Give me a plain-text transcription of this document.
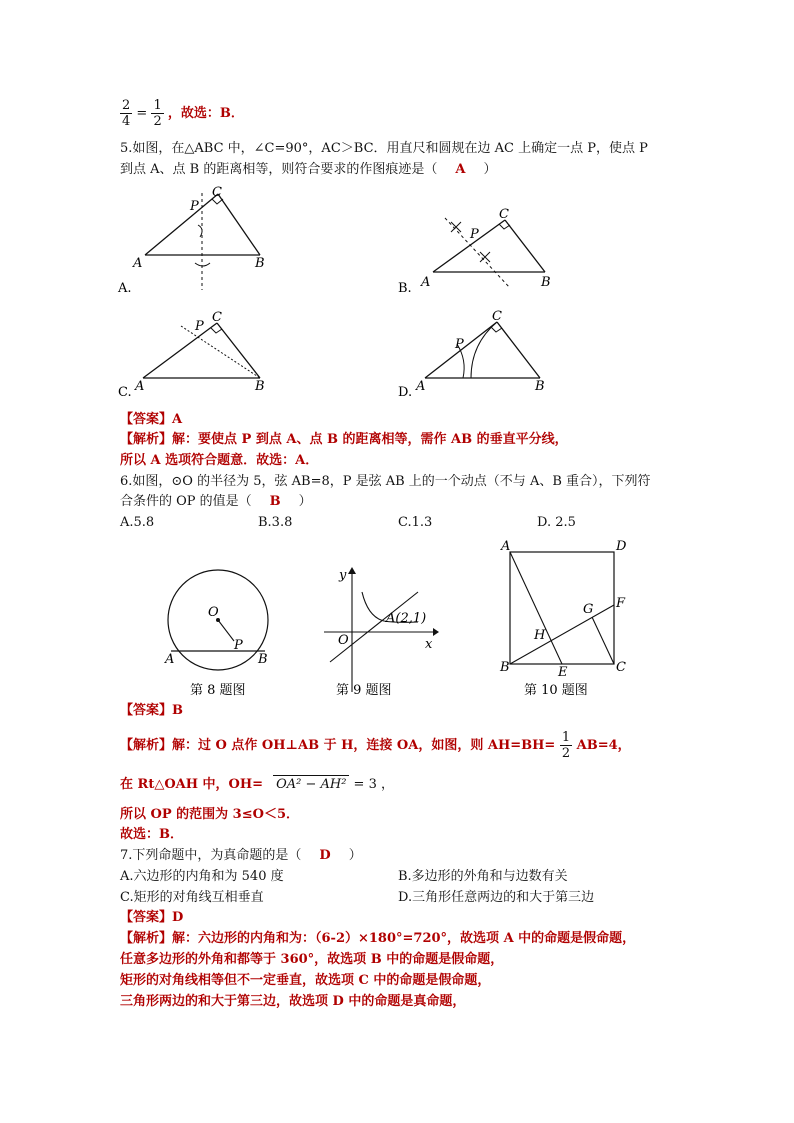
$\frac{2}{4} = \frac{1}{2}$ ，故选：B．
5.如图，在△ABC 中，∠C=90°，AC＞BC．用直尺和圆规在边 AC 上确定一点 P，使点 P
到点 A、点 B 的距离相等，则符合要求的作图痕迹是（ A ）
C
P
A	B
A.
C
P
A	B
B.
C
P
A	B
C.
C
P
A	B
D.
【答案】A
【解析】解：要使点 P 到点 A、点 B 的距离相等，需作 AB 的垂直平分线，
所以 A 选项符合题意．故选：A．
6.如图，⊙O 的半径为 5，弦 AB=8，P 是弦 AB 上的一个动点（不与 A、B 重合），下列符
合条件的 OP 的值是（ B ）
A.5.8	B.3.8	C.1.3	D. 2.5
O
P
A	B
第 8 题图
y
x
O
A(2,1)
第 9 题图
A	D
B	C
E
F
G
H
第 10 题图
【答案】B
【解析】解：过 O 点作 OH⊥AB 于 H，连接 OA，如图，则 $AH=BH= \frac{1}{2} AB=4$，
在 Rt△OAH 中，OH= OA² − AH² = 3 ，
所以 OP 的范围为 3≤O＜5．
故选：B．
7.下列命题中，为真命题的是（ D ）
A.六边形的内角和为 540 度	B.多边形的外角和与边数有关
C.矩形的对角线互相垂直	D.三角形任意两边的和大于第三边
【答案】D
【解析】解：六边形的内角和为：（6-2）×180°=720°，故选项 A 中的命题是假命题，
任意多边形的外角和都等于 360°，故选项 B 中的命题是假命题，
矩形的对角线相等但不一定垂直，故选项 C 中的命题是假命题，
三角形两边的和大于第三边，故选项 D 中的命题是真命题，
